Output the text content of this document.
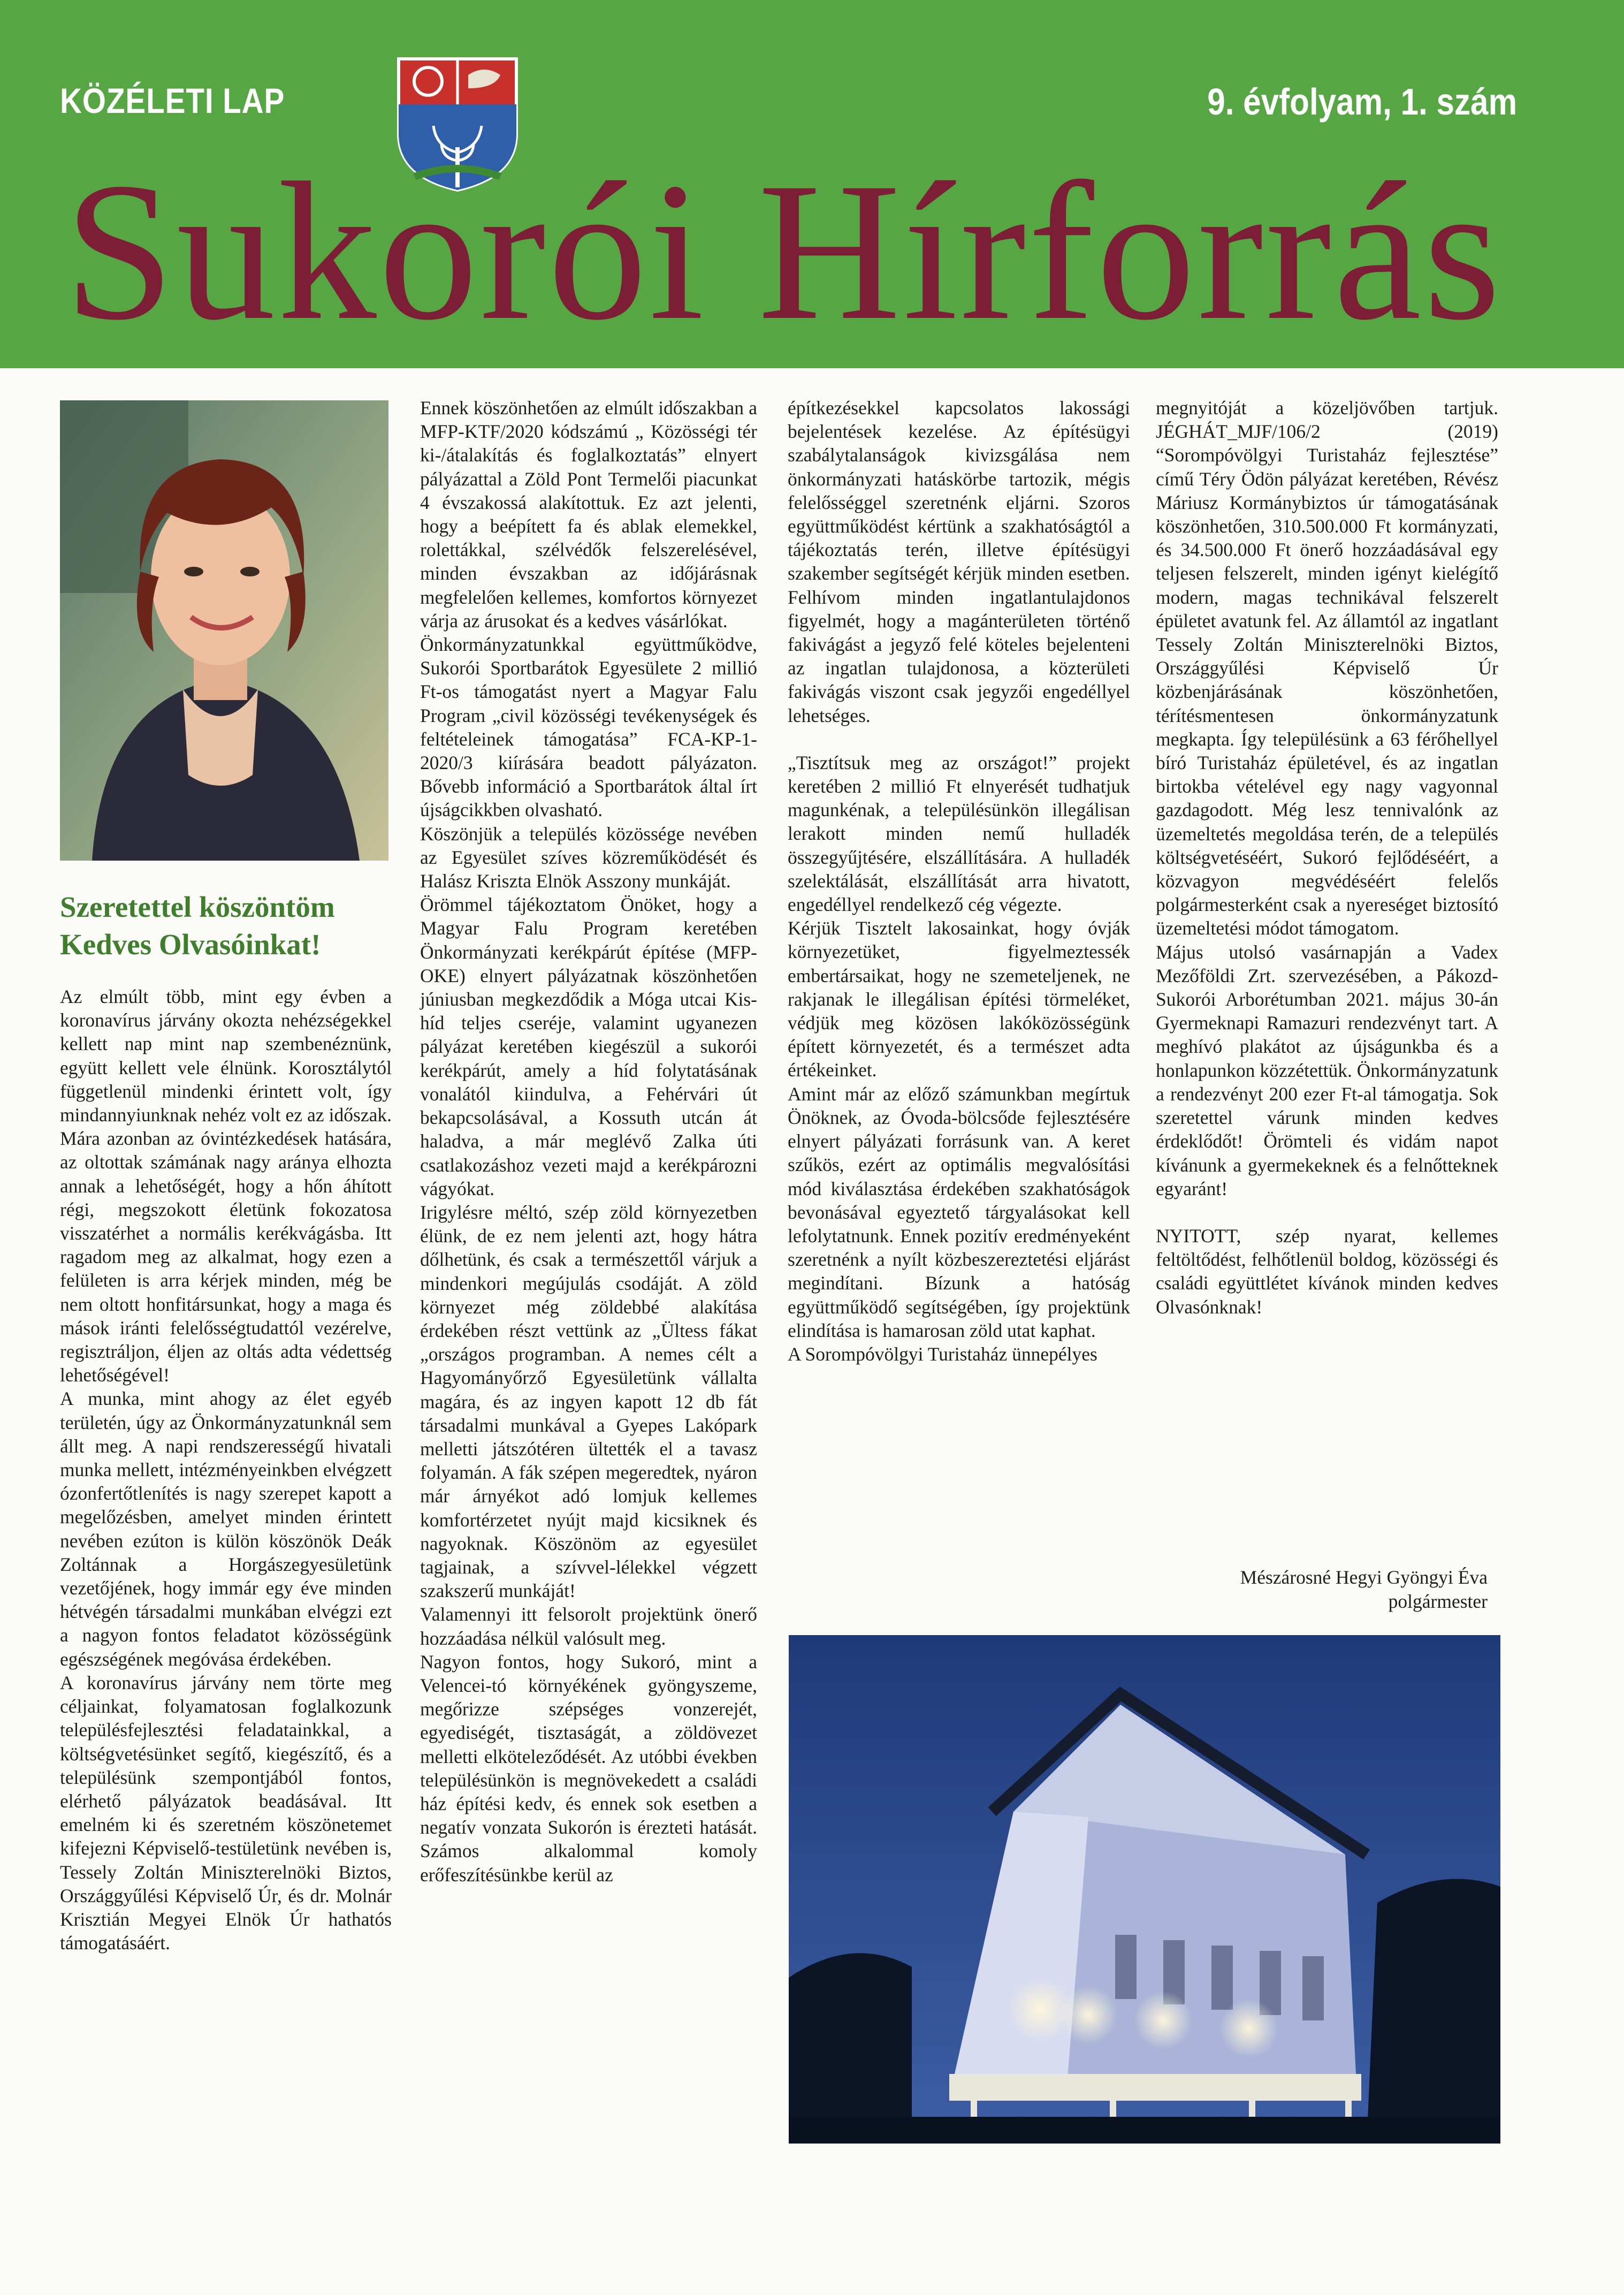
KÖZÉLETI LAP	9. évfolyam, 1. szám
Sukorói Hírforrás
Szeretettel köszöntöm
Kedves Olvasóinkat!

Az elmúlt több, mint egy évben a koronavírus járvány okozta nehézségekkel kellett nap mint nap szembenéznünk, együtt kellett vele élnünk. Korosztálytól függetlenül mindenki érintett volt, így mindannyiunknak nehéz volt ez az időszak. Mára azonban az óvintézkedések hatására, az oltottak számának nagy aránya elhozta annak a lehetőségét, hogy a hőn áhított régi, megszokott életünk fokozatosa visszatérhet a normális kerékvágásba. Itt ragadom meg az alkalmat, hogy ezen a felületen is arra kérjek minden, még be nem oltott honfitársunkat, hogy a maga és mások iránti felelősségtudattól vezérelve, regisztráljon, éljen az oltás adta védettség lehetőségével!

A munka, mint ahogy az élet egyéb területén, úgy az Önkormányzatunknál sem állt meg. A napi rendszerességű hivatali munka mellett, intézményeinkben elvégzett ózonfertőtlenítés is nagy szerepet kapott a megelőzésben, amelyet minden érintett nevében ezúton is külön köszönök Deák Zoltánnak a Horgászegyesületünk vezetőjének, hogy immár egy éve minden hétvégén társadalmi munkában elvégzi ezt a nagyon fontos feladatot közösségünk egészségének megóvása érdekében.

A koronavírus járvány nem törte meg céljainkat, folyamatosan foglalkozunk településfejlesztési feladatainkkal, a költségvetésünket segítő, kiegészítő, és a településünk szempontjából fontos, elérhető pályázatok beadásával. Itt emelném ki és szeretném köszönetemet kifejezni Képviselő-testületünk nevében is, Tessely Zoltán Miniszterelnöki Biztos, Országgyűlési Képviselő Úr, és dr. Molnár Krisztián Megyei Elnök Úr hathatós támogatásáért.

Ennek köszönhetően az elmúlt időszakban a MFP-KTF/2020 kódszámú „ Közösségi tér ki-/átalakítás és foglalkoztatás” elnyert pályázattal a Zöld Pont Termelői piacunkat 4 évszakossá alakítottuk. Ez azt jelenti, hogy a beépített fa és ablak elemekkel, rolettákkal, szélvédők felszerelésével, minden évszakban az időjárásnak megfelelően kellemes, komfortos környezet várja az árusokat és a kedves vásárlókat.

Önkormányzatunkkal együttműködve, Sukorói Sportbarátok Egyesülete 2 millió Ft-os támogatást nyert a Magyar Falu Program „civil közösségi tevékenységek és feltételeinek támogatása” FCA-KP-1-2020/3 kiírására beadott pályázaton. Bővebb információ a Sportbarátok által írt újságcikkben olvasható.

Köszönjük a település közössége nevében az Egyesület szíves közreműködését és Halász Kriszta Elnök Asszony munkáját.

Örömmel tájékoztatom Önöket, hogy a Magyar Falu Program keretében Önkormányzati kerékpárút építése (MFP-OKE) elnyert pályázatnak köszönhetően júniusban megkezdődik a Móga utcai Kis-híd teljes cseréje, valamint ugyanezen pályázat keretében kiegészül a sukorói kerékpárút, amely a híd folytatásának vonalától kiindulva, a Fehérvári út bekapcsolásával, a Kossuth utcán át haladva, a már meglévő Zalka úti csatlakozáshoz vezeti majd a kerékpározni vágyókat.

Irigylésre méltó, szép zöld környezetben élünk, de ez nem jelenti azt, hogy hátra dőlhetünk, és csak a természettől várjuk a mindenkori megújulás csodáját. A zöld környezet még zöldebbé alakítása érdekében részt vettünk az „Ültess fákat „országos programban. A nemes célt a Hagyományőrző Egyesületünk vállalta magára, és az ingyen kapott 12 db fát társadalmi munkával a Gyepes Lakópark melletti játszótéren ültették el a tavasz folyamán. A fák szépen megeredtek, nyáron már árnyékot adó lomjuk kellemes komfortérzetet nyújt majd kicsiknek és nagyoknak. Köszönöm az egyesület tagjainak, a szívvel-lélekkel végzett szakszerű munkáját!

Valamennyi itt felsorolt projektünk önerő hozzáadása nélkül valósult meg.

Nagyon fontos, hogy Sukoró, mint a Velencei-tó környékének gyöngyszeme, megőrizze szépséges vonzerejét, egyediségét, tisztaságát, a zöldövezet melletti elköteleződését. Az utóbbi években településünkön is megnövekedett a családi ház építési kedv, és ennek sok esetben a negatív vonzata Sukorón is érezteti hatását. Számos alkalommal komoly erőfeszítésünkbe kerül az

építkezésekkel kapcsolatos lakossági bejelentések kezelése. Az építésügyi szabálytalanságok kivizsgálása nem önkormányzati hatáskörbe tartozik, mégis felelősséggel szeretnénk eljárni. Szoros együttműködést kértünk a szakhatóságtól a tájékoztatás terén, illetve építésügyi szakember segítségét kérjük minden esetben.

Felhívom minden ingatlantulajdonos figyelmét, hogy a magánterületen történő fakivágást a jegyző felé köteles bejelenteni az ingatlan tulajdonosa, a közterületi fakivágás viszont csak jegyzői engedéllyel lehetséges.

„Tisztítsuk meg az országot!” projekt keretében 2 millió Ft elnyerését tudhatjuk magunkénak, a településünkön illegálisan lerakott minden nemű hulladék összegyűjtésére, elszállítására. A hulladék szelektálását, elszállítását arra hivatott, engedéllyel rendelkező cég végezte.

Kérjük Tisztelt lakosainkat, hogy óvják környezetüket, figyelmeztessék embertársaikat, hogy ne szemeteljenek, ne rakjanak le illegálisan építési törmeléket, védjük meg közösen lakóközösségünk épített környezetét, és a természet adta értékeinket.

Amint már az előző számunkban megírtuk Önöknek, az Óvoda-bölcsőde fejlesztésére elnyert pályázati forrásunk van. A keret szűkös, ezért az optimális megvalósítási mód kiválasztása érdekében szakhatóságok bevonásával egyeztető tárgyalásokat kell lefolytatnunk. Ennek pozitív eredményeként szeretnénk a nyílt közbeszereztetési eljárást megindítani. Bízunk a hatóság együttműködő segítségében, így projektünk elindítása is hamarosan zöld utat kaphat.

A Sorompóvölgyi Turistaház ünnepélyes

megnyitóját a közeljövőben tartjuk. JÉGHÁT_MJF/106/2 (2019) “Sorompóvölgyi Turistaház fejlesztése” című Téry Ödön pályázat keretében, Révész Máriusz Kormánybiztos úr támogatásának köszönhetően, 310.500.000 Ft kormányzati, és 34.500.000 Ft önerő hozzáadásával egy teljesen felszerelt, minden igényt kielégítő modern, magas technikával felszerelt épületet avatunk fel. Az államtól az ingatlant Tessely Zoltán Miniszterelnöki Biztos, Országgyűlési Képviselő Úr közbenjárásának köszönhetően, térítésmentesen önkormányzatunk megkapta. Így településünk a 63 férőhellyel bíró Turistaház épületével, és az ingatlan birtokba vételével egy nagy vagyonnal gazdagodott. Még lesz tennivalónk az üzemeltetés megoldása terén, de a település költségvetéséért, Sukoró fejlődéséért, a közvagyon megvédéséért felelős polgármesterként csak a nyereséget biztosító üzemeltetési módot támogatom.

Május utolsó vasárnapján a Vadex Mezőföldi Zrt. szervezésében, a Pákozd-Sukorói Arborétumban 2021. május 30-án Gyermeknapi Ramazuri rendezvényt tart. A meghívó plakátot az újságunkba és a honlapunkon közzétettük. Önkormányzatunk a rendezvényt 200 ezer Ft-al támogatja. Sok szeretettel várunk minden kedves érdeklődőt! Örömteli és vidám napot kívánunk a gyermekeknek és a felnőtteknek egyaránt!

NYITOTT, szép nyarat, kellemes feltöltődést, felhőtlenül boldog, közösségi és családi együttlétet kívánok minden kedves Olvasónknak!

Mészárosné Hegyi Gyöngyi Éva
polgármester
